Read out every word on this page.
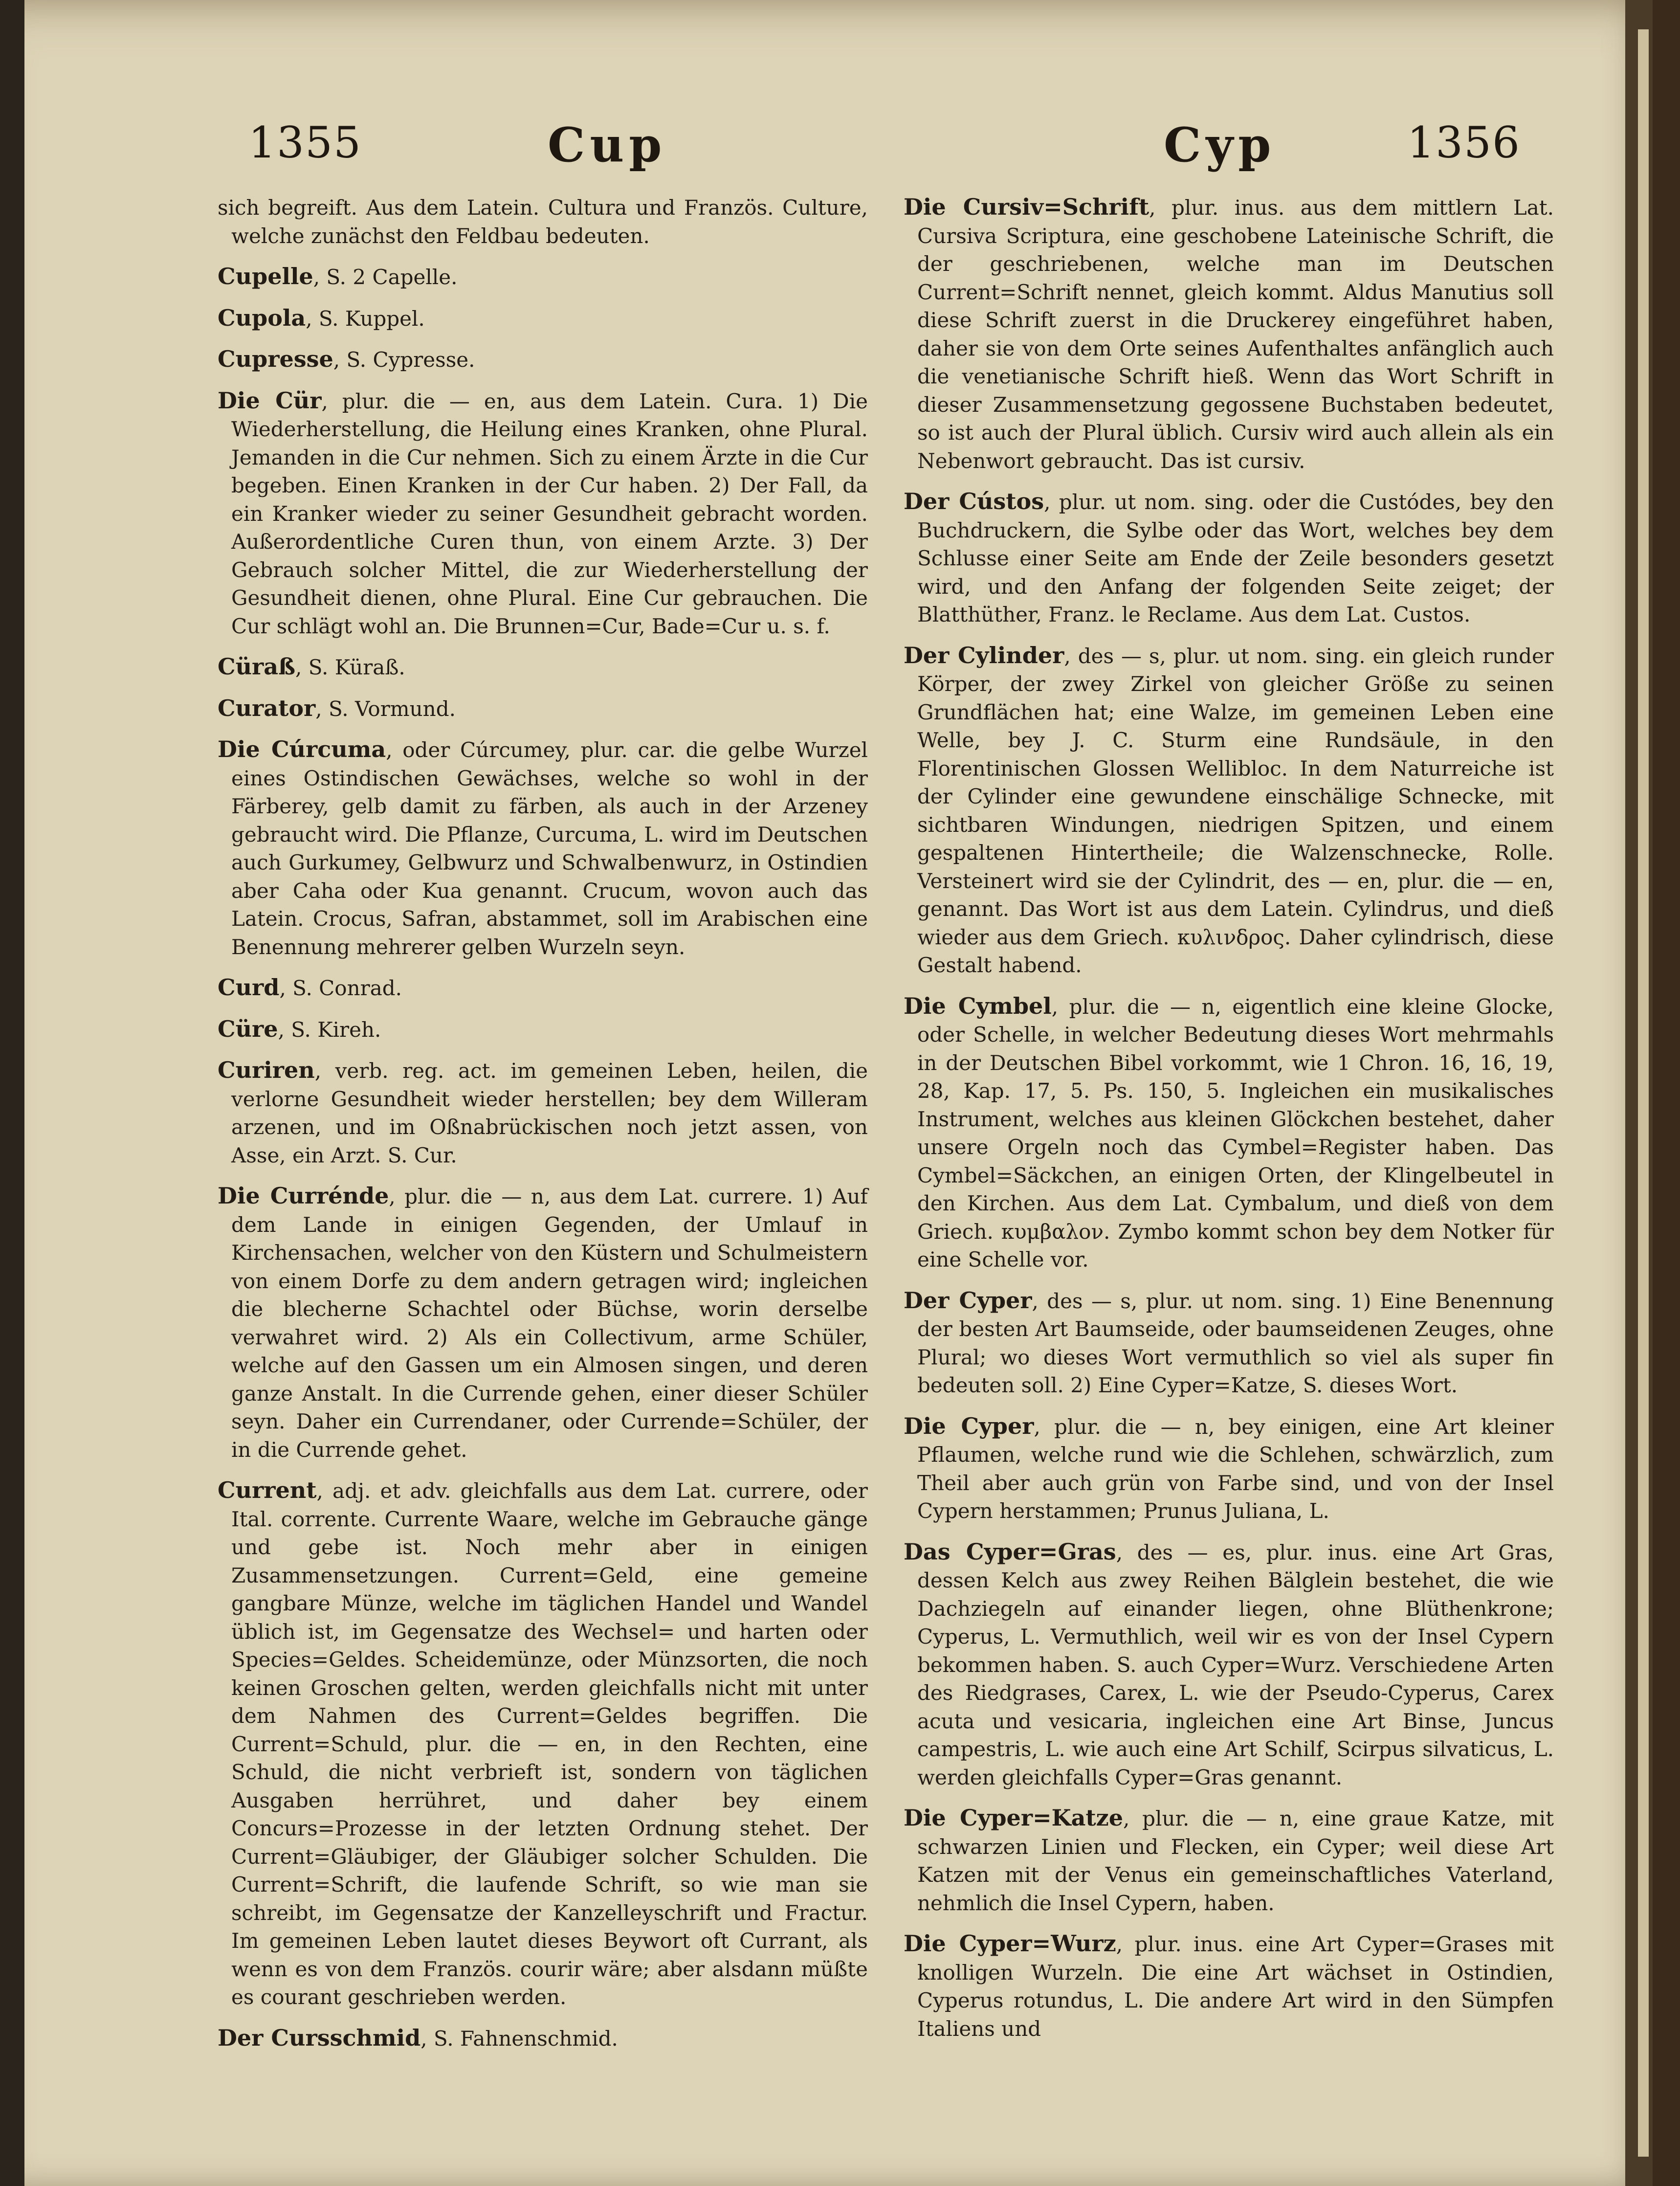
1355	Cup	Cyp	1356

sich begreift. Aus dem Latein. Cultura und Französ. Culture, welche zunächst den Feldbau bedeuten.

Cupelle, S. 2 Capelle.

Cupola, S. Kuppel.

Cupresse, S. Cypresse.

Die Cür, plur. die — en, aus dem Latein. Cura. 1) Die Wiederherstellung, die Heilung eines Kranken, ohne Plural. Jemanden in die Cur nehmen. Sich zu einem Ärzte in die Cur begeben. Einen Kranken in der Cur haben. 2) Der Fall, da ein Kranker wieder zu seiner Gesundheit gebracht worden. Außerordentliche Curen thun, von einem Arzte. 3) Der Gebrauch solcher Mittel, die zur Wiederherstellung der Gesundheit dienen, ohne Plural. Eine Cur gebrauchen. Die Cur schlägt wohl an. Die Brunnen=Cur, Bade=Cur u. s. f.

Cüraß, S. Küraß.

Curator, S. Vormund.

Die Cúrcuma, oder Cúrcumey, plur. car. die gelbe Wurzel eines Ostindischen Gewächses, welche so wohl in der Färberey, gelb damit zu färben, als auch in der Arzeney gebraucht wird. Die Pflanze, Curcuma, L. wird im Deutschen auch Gurkumey, Gelbwurz und Schwalbenwurz, in Ostindien aber Caha oder Kua genannt. Crucum, wovon auch das Latein. Crocus, Safran, abstammet, soll im Arabischen eine Benennung mehrerer gelben Wurzeln seyn.

Curd, S. Conrad.

Cüre, S. Kireh.

Curiren, verb. reg. act. im gemeinen Leben, heilen, die verlorne Gesundheit wieder herstellen; bey dem Willeram arzenen, und im Oßnabrückischen noch jetzt assen, von Asse, ein Arzt. S. Cur.

Die Currénde, plur. die — n, aus dem Lat. currere. 1) Auf dem Lande in einigen Gegenden, der Umlauf in Kirchensachen, welcher von den Küstern und Schulmeistern von einem Dorfe zu dem andern getragen wird; ingleichen die blecherne Schachtel oder Büchse, worin derselbe verwahret wird. 2) Als ein Collectivum, arme Schüler, welche auf den Gassen um ein Almosen singen, und deren ganze Anstalt. In die Currende gehen, einer dieser Schüler seyn. Daher ein Currendaner, oder Currende=Schüler, der in die Currende gehet.

Current, adj. et adv. gleichfalls aus dem Lat. currere, oder Ital. corrente. Currente Waare, welche im Gebrauche gänge und gebe ist. Noch mehr aber in einigen Zusammensetzungen. Current=Geld, eine gemeine gangbare Münze, welche im täglichen Handel und Wandel üblich ist, im Gegensatze des Wechsel= und harten oder Species=Geldes. Scheidemünze, oder Münzsorten, die noch keinen Groschen gelten, werden gleichfalls nicht mit unter dem Nahmen des Current=Geldes begriffen. Die Current=Schuld, plur. die — en, in den Rechten, eine Schuld, die nicht verbrieft ist, sondern von täglichen Ausgaben herrühret, und daher bey einem Concurs=Prozesse in der letzten Ordnung stehet. Der Current=Gläubiger, der Gläubiger solcher Schulden. Die Current=Schrift, die laufende Schrift, so wie man sie schreibt, im Gegensatze der Kanzelleyschrift und Fractur. Im gemeinen Leben lautet dieses Beywort oft Currant, als wenn es von dem Französ. courir wäre; aber alsdann müßte es courant geschrieben werden.

Der Cursschmid, S. Fahnenschmid.

Die Cursiv=Schrift, plur. inus. aus dem mittlern Lat. Cursiva Scriptura, eine geschobene Lateinische Schrift, die der geschriebenen, welche man im Deutschen Current=Schrift nennet, gleich kommt. Aldus Manutius soll diese Schrift zuerst in die Druckerey eingeführet haben, daher sie von dem Orte seines Aufenthaltes anfänglich auch die venetianische Schrift hieß. Wenn das Wort Schrift in dieser Zusammensetzung gegossene Buchstaben bedeutet, so ist auch der Plural üblich. Cursiv wird auch allein als ein Nebenwort gebraucht. Das ist cursiv.

Der Cústos, plur. ut nom. sing. oder die Custódes, bey den Buchdruckern, die Sylbe oder das Wort, welches bey dem Schlusse einer Seite am Ende der Zeile besonders gesetzt wird, und den Anfang der folgenden Seite zeiget; der Blatthüther, Franz. le Reclame. Aus dem Lat. Custos.

Der Cylinder, des — s, plur. ut nom. sing. ein gleich runder Körper, der zwey Zirkel von gleicher Größe zu seinen Grundflächen hat; eine Walze, im gemeinen Leben eine Welle, bey J. C. Sturm eine Rundsäule, in den Florentinischen Glossen Wellibloc. In dem Naturreiche ist der Cylinder eine gewundene einschälige Schnecke, mit sichtbaren Windungen, niedrigen Spitzen, und einem gespaltenen Hintertheile; die Walzenschnecke, Rolle. Versteinert wird sie der Cylindrit, des — en, plur. die — en, genannt. Das Wort ist aus dem Latein. Cylindrus, und dieß wieder aus dem Griech. κυλινδρος. Daher cylindrisch, diese Gestalt habend.

Die Cymbel, plur. die — n, eigentlich eine kleine Glocke, oder Schelle, in welcher Bedeutung dieses Wort mehrmahls in der Deutschen Bibel vorkommt, wie 1 Chron. 16, 16, 19, 28, Kap. 17, 5. Ps. 150, 5. Ingleichen ein musikalisches Instrument, welches aus kleinen Glöckchen bestehet, daher unsere Orgeln noch das Cymbel=Register haben. Das Cymbel=Säckchen, an einigen Orten, der Klingelbeutel in den Kirchen. Aus dem Lat. Cymbalum, und dieß von dem Griech. κυμβαλον. Zymbo kommt schon bey dem Notker für eine Schelle vor.

Der Cyper, des — s, plur. ut nom. sing. 1) Eine Benennung der besten Art Baumseide, oder baumseidenen Zeuges, ohne Plural; wo dieses Wort vermuthlich so viel als super fin bedeuten soll. 2) Eine Cyper=Katze, S. dieses Wort.

Die Cyper, plur. die — n, bey einigen, eine Art kleiner Pflaumen, welche rund wie die Schlehen, schwärzlich, zum Theil aber auch grün von Farbe sind, und von der Insel Cypern herstammen; Prunus Juliana, L.

Das Cyper=Gras, des — es, plur. inus. eine Art Gras, dessen Kelch aus zwey Reihen Bälglein bestehet, die wie Dachziegeln auf einander liegen, ohne Blüthenkrone; Cyperus, L. Vermuthlich, weil wir es von der Insel Cypern bekommen haben. S. auch Cyper=Wurz. Verschiedene Arten des Riedgrases, Carex, L. wie der Pseudo-Cyperus, Carex acuta und vesicaria, ingleichen eine Art Binse, Juncus campestris, L. wie auch eine Art Schilf, Scirpus silvaticus, L. werden gleichfalls Cyper=Gras genannt.

Die Cyper=Katze, plur. die — n, eine graue Katze, mit schwarzen Linien und Flecken, ein Cyper; weil diese Art Katzen mit der Venus ein gemeinschaftliches Vaterland, nehmlich die Insel Cypern, haben.

Die Cyper=Wurz, plur. inus. eine Art Cyper=Grases mit knolligen Wurzeln. Die eine Art wächset in Ostindien, Cyperus rotundus, L. Die andere Art wird in den Sümpfen Italiens und
